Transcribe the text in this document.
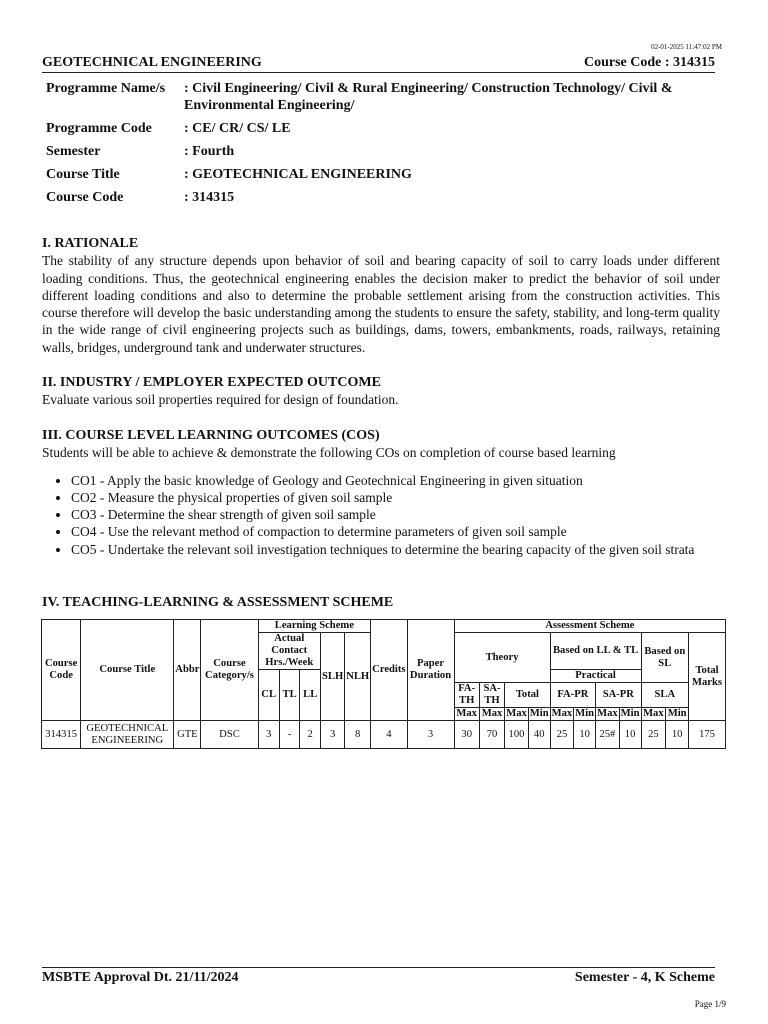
02-01-2025 11:47:02 PM
GEOTECHNICAL ENGINEERING	Course Code : 314315
Programme Name/s	: Civil Engineering/ Civil & Rural Engineering/ Construction Technology/ Civil & Environmental Engineering/
Programme Code	: CE/ CR/ CS/ LE
Semester	: Fourth
Course Title	: GEOTECHNICAL ENGINEERING
Course Code	: 314315
I. RATIONALE

The stability of any structure depends upon behavior of soil and bearing capacity of soil to carry loads under different loading conditions. Thus, the geotechnical engineering enables the decision maker to predict the behavior of soil under different loading conditions and also to determine the probable settlement arising from the construction activities. This course therefore will develop the basic understanding among the students to ensure the safety, stability, and long-term quality in the wide range of civil engineering projects such as buildings, dams, towers, embankments, roads, railways, retaining walls, bridges, underground tank and underwater structures.

II. INDUSTRY / EMPLOYER EXPECTED OUTCOME

Evaluate various soil properties required for design of foundation.

III. COURSE LEVEL LEARNING OUTCOMES (COS)

Students will be able to achieve & demonstrate the following COs on completion of course based learning

• CO1 - Apply the basic knowledge of Geology and Geotechnical Engineering in given situation
• CO2 - Measure the physical properties of given soil sample
• CO3 - Determine the shear strength of given soil sample
• CO4 - Use the relevant method of compaction to determine parameters of given soil sample
• CO5 - Undertake the relevant soil investigation techniques to determine the bearing capacity of the given soil strata
IV. TEACHING-LEARNING & ASSESSMENT SCHEME
Course Code	Course Title	Abbr	Course Category/s	Learning Scheme					Credits	Paper Duration	Assessment Scheme										
				Actual Contact Hrs./Week			SLH	NLH			Theory				Based on LL & TL				Based on SL		Total Marks
				CL	TL	LL									Practical						
											FA-TH	SA-TH	Total		FA-PR		SA-PR		SLA		
											Max	Max	Max	Min	Max	Min	Max	Min	Max	Min	
314315	GEOTECHNICAL ENGINEERING	GTE	DSC	3	-	2	3	8	4	3	30	70	100	40	25	10	25#	10	25	10	175
MSBTE Approval Dt. 21/11/2024	Semester - 4, K Scheme
Page 1/9
